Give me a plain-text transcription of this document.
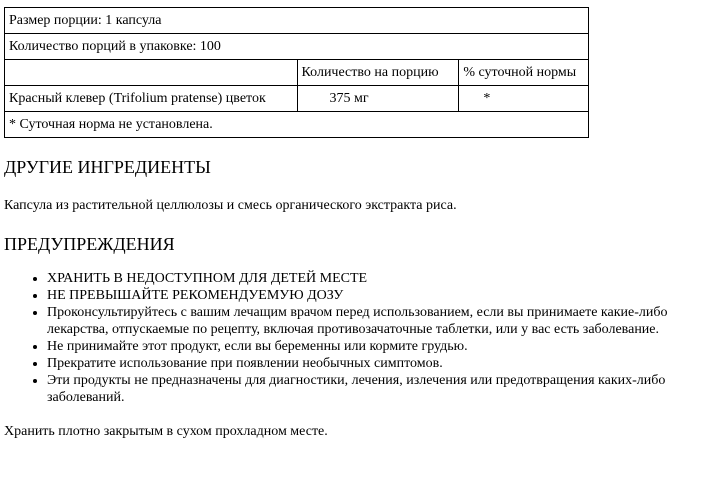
Размер порции: 1 капсула		
Количество порций в упаковке: 100		
	Количество на порцию	% суточной нормы
Красный клевер (Trifolium pratense) цветок	375 мг	*
* Суточная норма не установлена.		
ДРУГИЕ ИНГРЕДИЕНТЫ

Капсула из растительной целлюлозы и смесь органического экстракта риса.

ПРЕДУПРЕЖДЕНИЯ
• ХРАНИТЬ В НЕДОСТУПНОМ ДЛЯ ДЕТЕЙ МЕСТЕ
• НЕ ПРЕВЫШАЙТЕ РЕКОМЕНДУЕМУЮ ДОЗУ
• Проконсультируйтесь с вашим лечащим врачом перед использованием, если вы принимаете какие-либо лекарства, отпускаемые по рецепту, включая противозачаточные таблетки, или у вас есть заболевание.
• Не принимайте этот продукт, если вы беременны или кормите грудью.
• Прекратите использование при появлении необычных симптомов.
• Эти продукты не предназначены для диагностики, лечения, излечения или предотвращения каких-либо заболеваний.

Хранить плотно закрытым в сухом прохладном месте.
